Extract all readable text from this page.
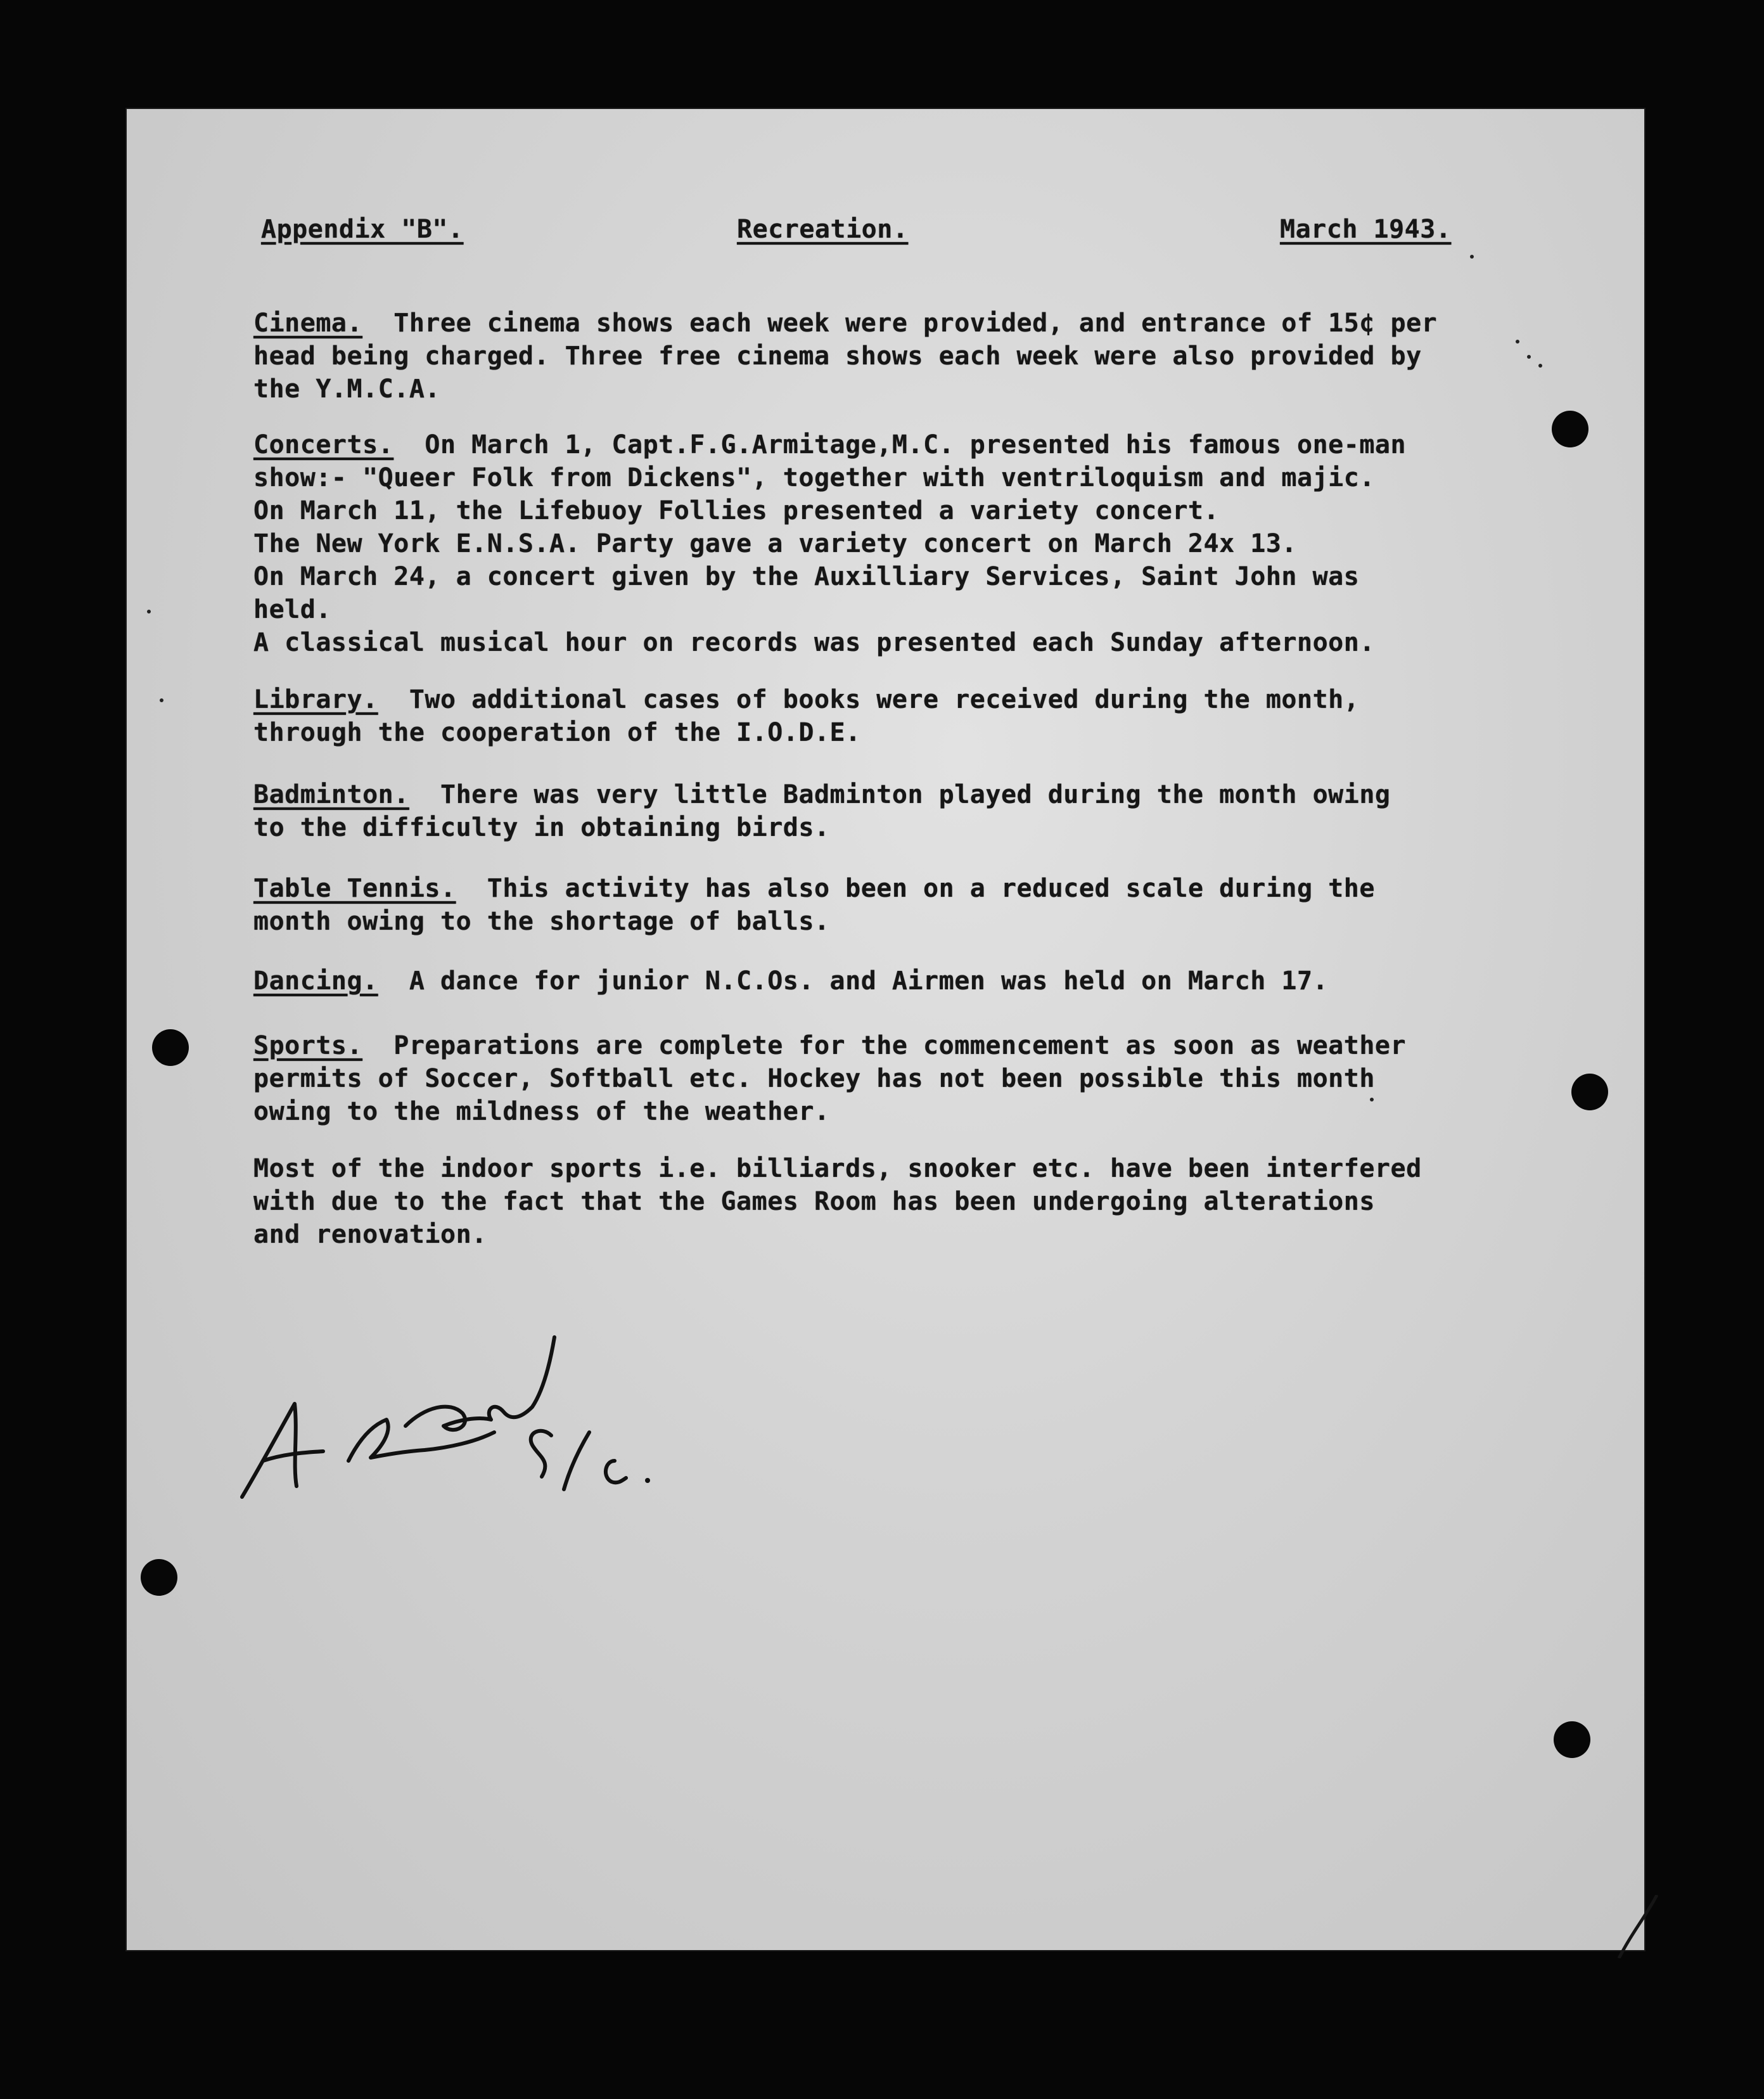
Appendix "B".	Recreation.	March 1943.
Cinema. Three cinema shows each week were provided, and entrance of 15¢ per
head being charged. Three free cinema shows each week were also provided by
the Y.M.C.A.
Concerts. On March 1, Capt.F.G.Armitage,M.C. presented his famous one-man
show:- "Queer Folk from Dickens", together with ventriloquism and majic.
On March 11, the Lifebuoy Follies presented a variety concert.
The New York E.N.S.A. Party gave a variety concert on March 24x 13.
On March 24, a concert given by the Auxilliary Services, Saint John was
held.
A classical musical hour on records was presented each Sunday afternoon.
Library. Two additional cases of books were received during the month,
through the cooperation of the I.O.D.E.
Badminton. There was very little Badminton played during the month owing
to the difficulty in obtaining birds.
Table Tennis. This activity has also been on a reduced scale during the
month owing to the shortage of balls.
Dancing. A dance for junior N.C.Os. and Airmen was held on March 17.
Sports. Preparations are complete for the commencement as soon as weather
permits of Soccer, Softball etc. Hockey has not been possible this month
owing to the mildness of the weather.
Most of the indoor sports i.e. billiards, snooker etc. have been interfered
with due to the fact that the Games Room has been undergoing alterations
and renovation.
